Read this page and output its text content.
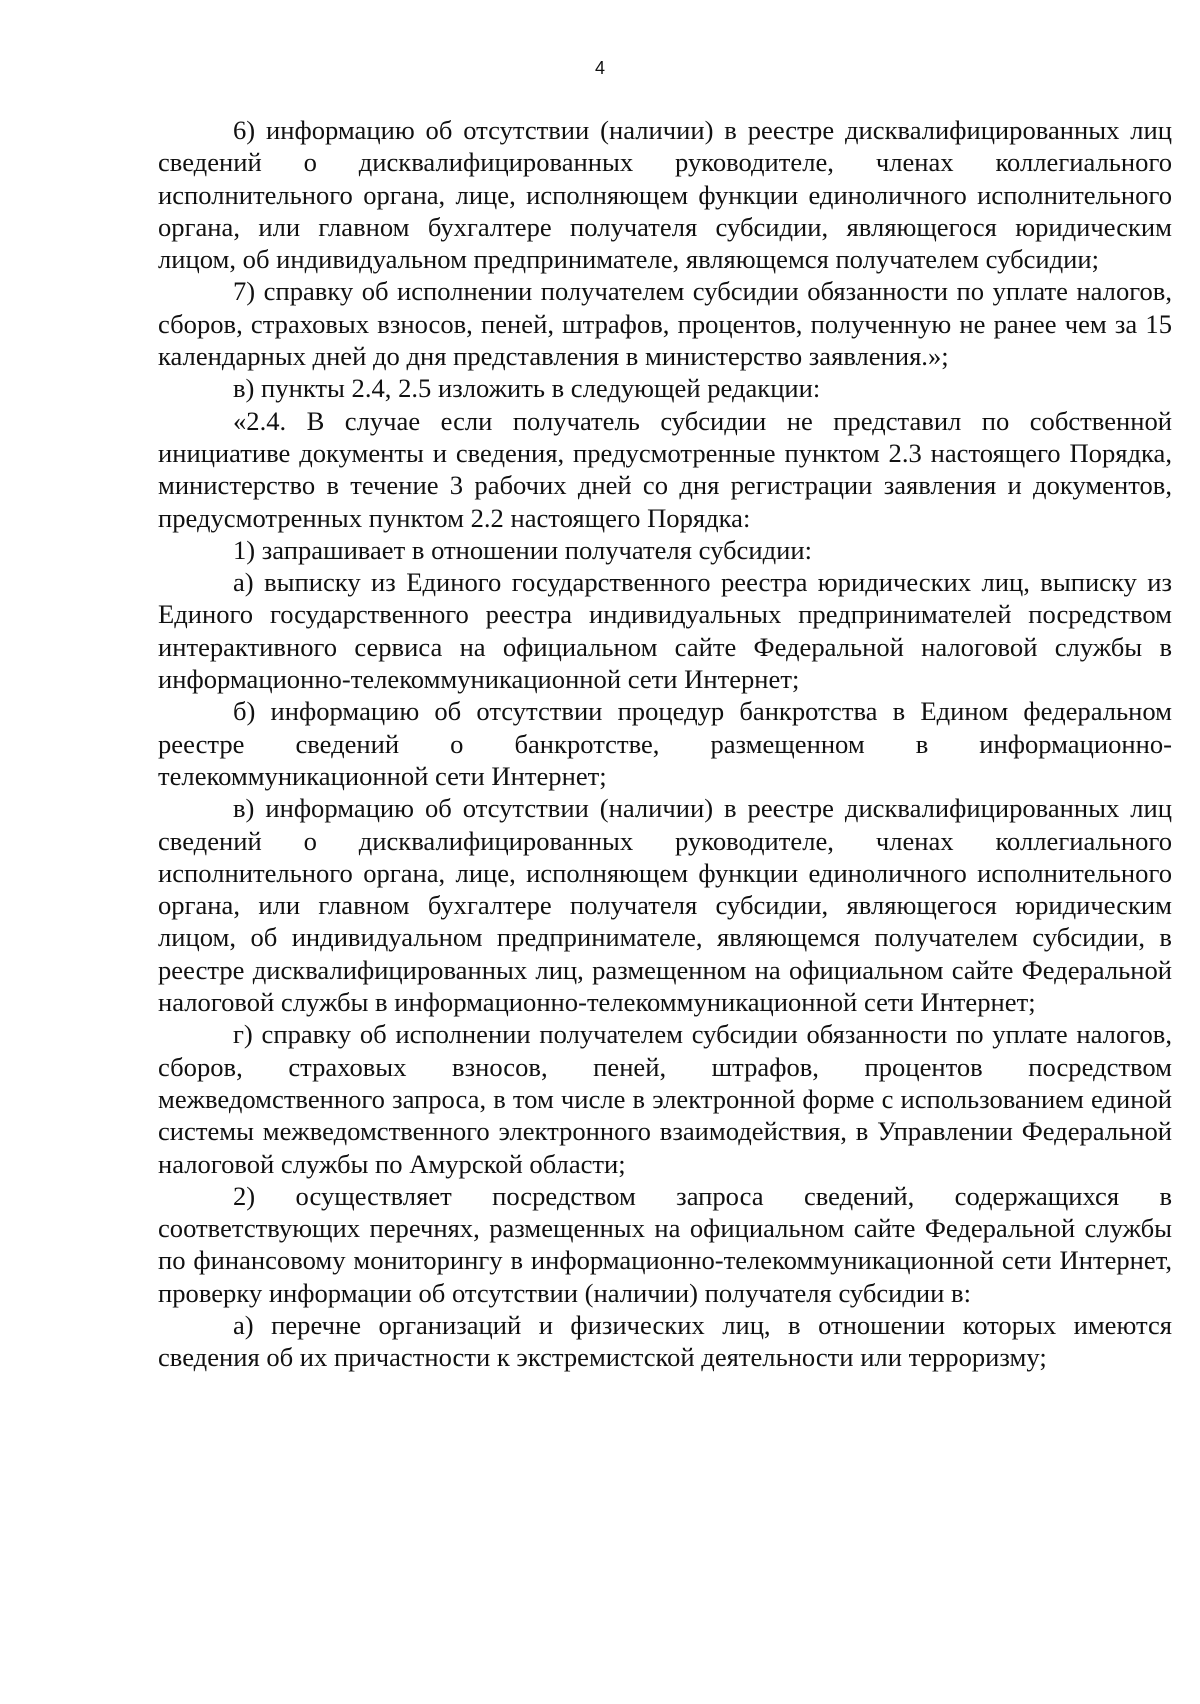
4

6) информацию об отсутствии (наличии) в реестре дисквалифицированных лиц сведений о дисквалифицированных руководителе, членах коллегиального исполнительного органа, лице, исполняющем функции единоличного исполнительного органа, или главном бухгалтере получателя субсидии, являющегося юридическим лицом, об индивидуальном предпринимателе, являющемся получателем субсидии;

7) справку об исполнении получателем субсидии обязанности по уплате налогов, сборов, страховых взносов, пеней, штрафов, процентов, полученную не ранее чем за 15 календарных дней до дня представления в министерство заявления.»;

в) пункты 2.4, 2.5 изложить в следующей редакции:

«2.4. В случае если получатель субсидии не представил по собственной инициативе документы и сведения, предусмотренные пунктом 2.3 настоящего Порядка, министерство в течение 3 рабочих дней со дня регистрации заявления и документов, предусмотренных пунктом 2.2 настоящего Порядка:

1) запрашивает в отношении получателя субсидии:

а) выписку из Единого государственного реестра юридических лиц, выписку из Единого государственного реестра индивидуальных предпринимателей посредством интерактивного сервиса на официальном сайте Федеральной налоговой службы в информационно-телекоммуникационной сети Интернет;

б) информацию об отсутствии процедур банкротства в Едином федеральном реестре сведений о банкротстве, размещенном в информационно-телекоммуникационной сети Интернет;

в) информацию об отсутствии (наличии) в реестре дисквалифицированных лиц сведений о дисквалифицированных руководителе, членах коллегиального исполнительного органа, лице, исполняющем функции единоличного исполнительного органа, или главном бухгалтере получателя субсидии, являющегося юридическим лицом, об индивидуальном предпринимателе, являющемся получателем субсидии, в реестре дисквалифицированных лиц, размещенном на официальном сайте Федеральной налоговой службы в информационно-телекоммуникационной сети Интернет;

г) справку об исполнении получателем субсидии обязанности по уплате налогов, сборов, страховых взносов, пеней, штрафов, процентов посредством межведомственного запроса, в том числе в электронной форме с использованием единой системы межведомственного электронного взаимодействия, в Управлении Федеральной налоговой службы по Амурской области;

2) осуществляет посредством запроса сведений, содержащихся в соответствующих перечнях, размещенных на официальном сайте Федеральной службы по финансовому мониторингу в информационно-телекоммуникационной сети Интернет, проверку информации об отсутствии (наличии) получателя субсидии в:

а) перечне организаций и физических лиц, в отношении которых имеются сведения об их причастности к экстремистской деятельности или терроризму;
